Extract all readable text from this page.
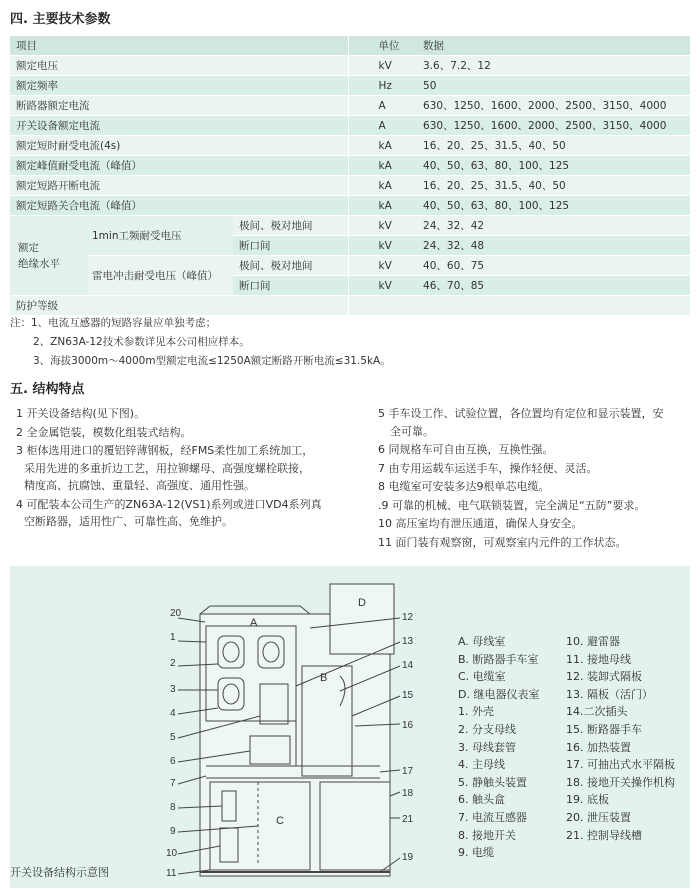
四. 主要技术参数
项目			单位	数据
额定电压			kV	3.6、7.2、12
额定频率			Hz	50
断路器额定电流			A	630、1250、1600、2000、2500、3150、4000
开关设备额定电流			A	630、1250、1600、2000、2500、3150、4000
额定短时耐受电流(4s)			kA	16、20、25、31.5、40、50
额定峰值耐受电流（峰值）			kA	40、50、63、80、100、125
额定短路开断电流			kA	16、20、25、31.5、40、50
额定短路关合电流（峰值）			kA	40、50、63、80、100、125

额定
绝缘水平	1min工频耐受电压	极间、极对地间	kV	24、32、42
		断口间	kV	24、32、48
	雷电冲击耐受电压（峰值）	极间、极对地间	kV	40、60、75
		断口间	kV	46、70、85
防护等级				
注：1、电流互感器的短路容量应单独考虑；
2、ZN63A-12技术参数详见本公司相应样本。
3、海拔3000m～4000m型额定电流≤1250A额定断路开断电流≤31.5kA。
五. 结构特点
1 开关设备结构(见下图)。
2 全金属铠装，模数化组装式结构。
3 柜体选用进口的覆铝锌薄钢板，经FMS柔性加工系统加工，
采用先进的多重折边工艺，用拉铆螺母、高强度螺栓联接，
精度高、抗腐蚀、重量轻、高强度、通用性强。
4 可配装本公司生产的ZN63A-12(VS1)系列或进口VD4系列真
空断路器，适用性广、可靠性高、免维护。
5 手车设工作、试验位置，各位置均有定位和显示装置，安
全可靠。
6 同规格车可自由互换，互换性强。
7 由专用运载车运送手车，操作轻便、灵活。
8 电缆室可安装多达9根单芯电缆。
.9 可靠的机械、电气联锁装置，完全满足“五防”要求。
10 高压室均有泄压通道，确保人身安全。
11 面门装有观察窗，可观察室内元件的工作状态。
20
1
2
3
4
5
6
7
8
9
10
11
12
13
14
15
16
17
18
21
19
A
B
C
D
开关设备结构示意图
A. 母线室
B. 断路器手车室
C. 电缆室
D. 继电器仪表室
1. 外壳
2. 分支母线
3. 母线套管
4. 主母线
5. 静触头装置
6. 触头盒
7. 电流互感器
8. 接地开关
9. 电缆
10. 避雷器
11. 接地母线
12. 装卸式隔板
13. 隔板（活门）
14.二次插头
15. 断路器手车
16. 加热装置
17. 可抽出式水平隔板
18. 接地开关操作机构
19. 底板
20. 泄压装置
21. 控制导线槽
